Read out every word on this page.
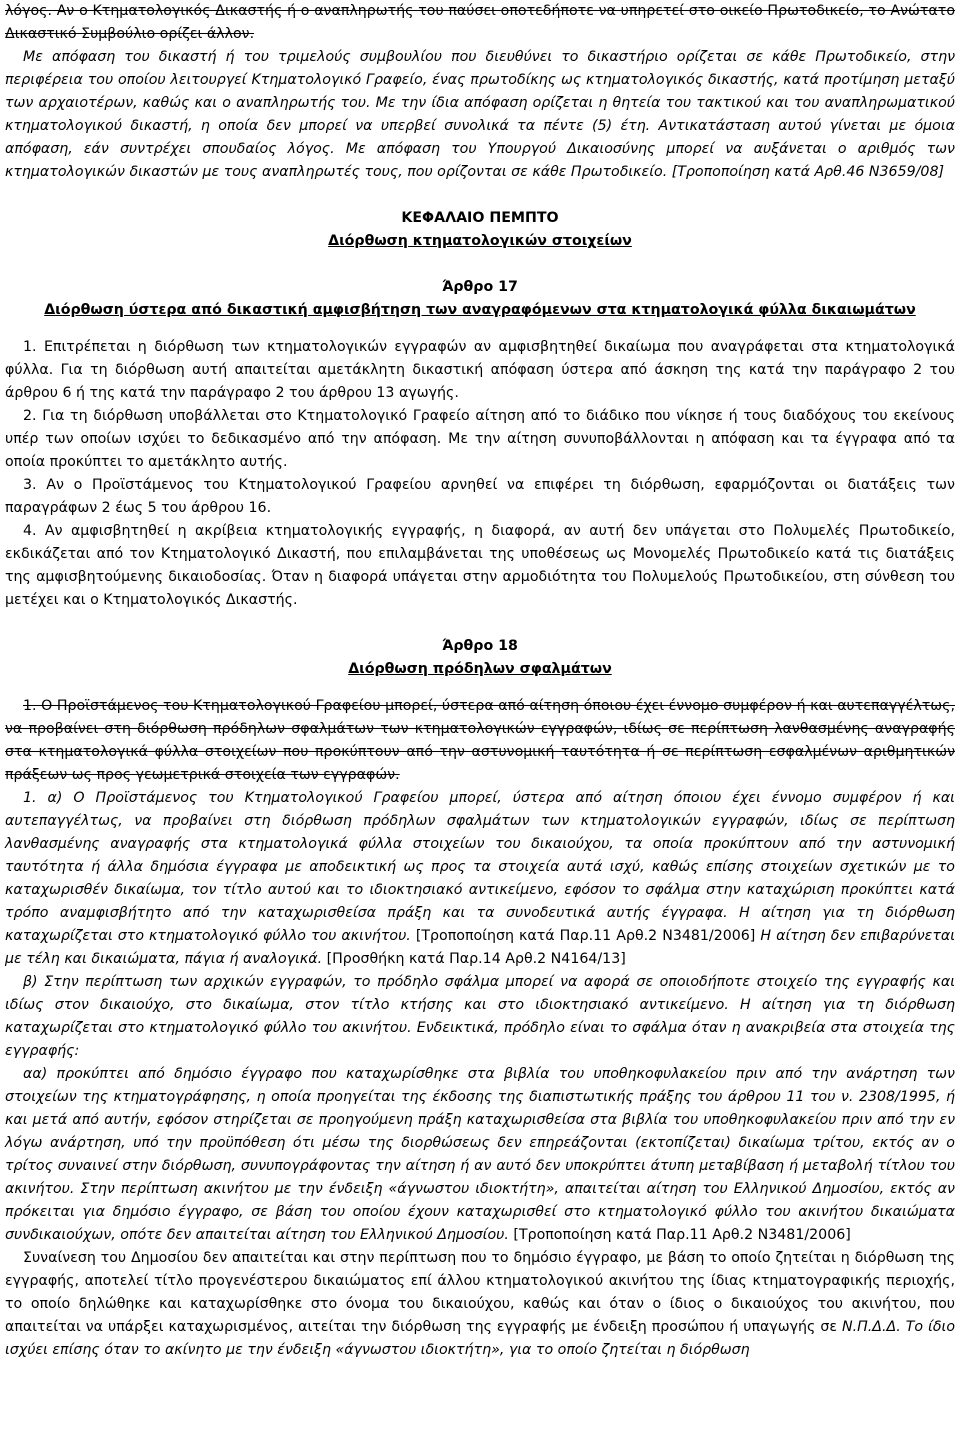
λόγος. Αν ο Κτηματολογικός Δικαστής ή ο αναπληρωτής του παύσει οποτεδήποτε να υπηρετεί στο οικείο Πρωτοδικείο, το Ανώτατο Δικαστικό Συμβούλιο ορίζει άλλον.

Με απόφαση του δικαστή ή του τριμελούς συμβουλίου που διευθύνει το δικαστήριο ορίζεται σε κάθε Πρωτοδικείο, στην περιφέρεια του οποίου λειτουργεί Κτηματολογικό Γραφείο, ένας πρωτοδίκης ως κτηματολογικός δικαστής, κατά προτίμηση μεταξύ των αρχαιοτέρων, καθώς και ο αναπληρωτής του. Με την ίδια απόφαση ορίζεται η θητεία του τακτικού και του αναπληρωματικού κτηματολογικού δικαστή, η οποία δεν μπορεί να υπερβεί συνολικά τα πέντε (5) έτη. Αντικατάσταση αυτού γίνεται με όμοια απόφαση, εάν συντρέχει σπουδαίος λόγος. Με απόφαση του Υπουργού Δικαιοσύνης μπορεί να αυξάνεται ο αριθμός των κτηματολογικών δικαστών με τους αναπληρωτές τους, που ορίζονται σε κάθε Πρωτοδικείο. [Τροποποίηση κατά Αρθ.46 Ν3659/08]

ΚΕΦΑΛΑΙΟ ΠΕΜΠΤΟ

Διόρθωση κτηματολογικών στοιχείων

Άρθρο 17

Διόρθωση ύστερα από δικαστική αμφισβήτηση των αναγραφόμενων στα κτηματολογικά φύλλα δικαιωμάτων

1. Επιτρέπεται η διόρθωση των κτηματολογικών εγγραφών αν αμφισβητηθεί δικαίωμα που αναγράφεται στα κτηματολογικά φύλλα. Για τη διόρθωση αυτή απαιτείται αμετάκλητη δικαστική απόφαση ύστερα από άσκηση της κατά την παράγραφο 2 του άρθρου 6 ή της κατά την παράγραφο 2 του άρθρου 13 αγωγής.

2. Για τη διόρθωση υποβάλλεται στο Κτηματολογικό Γραφείο αίτηση από το διάδικο που νίκησε ή τους διαδόχους του εκείνους υπέρ των οποίων ισχύει το δεδικασμένο από την απόφαση. Με την αίτηση συνυποβάλλονται η απόφαση και τα έγγραφα από τα οποία προκύπτει το αμετάκλητο αυτής.

3. Αν ο Προϊστάμενος του Κτηματολογικού Γραφείου αρνηθεί να επιφέρει τη διόρθωση, εφαρμόζονται οι διατάξεις των παραγράφων 2 έως 5 του άρθρου 16.

4. Αν αμφισβητηθεί η ακρίβεια κτηματολογικής εγγραφής, η διαφορά, αν αυτή δεν υπάγεται στο Πολυμελές Πρωτοδικείο, εκδικάζεται από τον Κτηματολογικό Δικαστή, που επιλαμβάνεται της υποθέσεως ως Μονομελές Πρωτοδικείο κατά τις διατάξεις της αμφισβητούμενης δικαιοδοσίας. Όταν η διαφορά υπάγεται στην αρμοδιότητα του Πολυμελούς Πρωτοδικείου, στη σύνθεση του μετέχει και ο Κτηματολογικός Δικαστής.

Άρθρο 18

Διόρθωση πρόδηλων σφαλμάτων

1. Ο Προϊστάμενος του Κτηματολογικού Γραφείου μπορεί, ύστερα από αίτηση όποιου έχει έννομο συμφέρον ή και αυτεπαγγέλτως, να προβαίνει στη διόρθωση πρόδηλων σφαλμάτων των κτηματολογικών εγγραφών, ιδίως σε περίπτωση λανθασμένης αναγραφής στα κτηματολογικά φύλλα στοιχείων που προκύπτουν από την αστυνομική ταυτότητα ή σε περίπτωση εσφαλμένων αριθμητικών πράξεων ως προς γεωμετρικά στοιχεία των εγγραφών.

1. α) Ο Προϊστάμενος του Κτηματολογικού Γραφείου μπορεί, ύστερα από αίτηση όποιου έχει έννομο συμφέρον ή και αυτεπαγγέλτως, να προβαίνει στη διόρθωση πρόδηλων σφαλμάτων των κτηματολογικών εγγραφών, ιδίως σε περίπτωση λανθασμένης αναγραφής στα κτηματολογικά φύλλα στοιχείων του δικαιούχου, τα οποία προκύπτουν από την αστυνομική ταυτότητα ή άλλα δημόσια έγγραφα με αποδεικτική ως προς τα στοιχεία αυτά ισχύ, καθώς επίσης στοιχείων σχετικών με το καταχωρισθέν δικαίωμα, τον τίτλο αυτού και το ιδιοκτησιακό αντικείμενο, εφόσον το σφάλμα στην καταχώριση προκύπτει κατά τρόπο αναμφισβήτητο από την καταχωρισθείσα πράξη και τα συνοδευτικά αυτής έγγραφα. Η αίτηση για τη διόρθωση καταχωρίζεται στο κτηματολογικό φύλλο του ακινήτου. [Τροποποίηση κατά Παρ.11 Αρθ.2 Ν3481/2006] Η αίτηση δεν επιβαρύνεται με τέλη και δικαιώματα, πάγια ή αναλογικά. [Προσθήκη κατά Παρ.14 Αρθ.2 Ν4164/13]

β) Στην περίπτωση των αρχικών εγγραφών, το πρόδηλο σφάλμα μπορεί να αφορά σε οποιοδήποτε στοιχείο της εγγραφής και ιδίως στον δικαιούχο, στο δικαίωμα, στον τίτλο κτήσης και στο ιδιοκτησιακό αντικείμενο. Η αίτηση για τη διόρθωση καταχωρίζεται στο κτηματολογικό φύλλο του ακινήτου. Ενδεικτικά, πρόδηλο είναι το σφάλμα όταν η ανακριβεία στα στοιχεία της εγγραφής:

αα) προκύπτει από δημόσιο έγγραφο που καταχωρίσθηκε στα βιβλία του υποθηκοφυλακείου πριν από την ανάρτηση των στοιχείων της κτηματογράφησης, η οποία προηγείται της έκδοσης της διαπιστωτικής πράξης του άρθρου 11 του ν. 2308/1995, ή και μετά από αυτήν, εφόσον στηρίζεται σε προηγούμενη πράξη καταχωρισθείσα στα βιβλία του υποθηκοφυλακείου πριν από την εν λόγω ανάρτηση, υπό την προϋπόθεση ότι μέσω της διορθώσεως δεν επηρεάζονται (εκτοπίζεται) δικαίωμα τρίτου, εκτός αν ο τρίτος συναινεί στην διόρθωση, συνυπογράφοντας την αίτηση ή αν αυτό δεν υποκρύπτει άτυπη μεταβίβαση ή μεταβολή τίτλου του ακινήτου. Στην περίπτωση ακινήτου με την ένδειξη «άγνωστου ιδιοκτήτη», απαιτείται αίτηση του Ελληνικού Δημοσίου, εκτός αν πρόκειται για δημόσιο έγγραφο, σε βάση του οποίου έχουν καταχωρισθεί στο κτηματολογικό φύλλο του ακινήτου δικαιώματα συνδικαιούχων, οπότε δεν απαιτείται αίτηση του Ελληνικού Δημοσίου. [Τροποποίηση κατά Παρ.11 Αρθ.2 Ν3481/2006]

Συναίνεση του Δημοσίου δεν απαιτείται και στην περίπτωση που το δημόσιο έγγραφο, με βάση το οποίο ζητείται η διόρθωση της εγγραφής, αποτελεί τίτλο προγενέστερου δικαιώματος επί άλλου κτηματολογικού ακινήτου της ίδιας κτηματογραφικής περιοχής, το οποίο δηλώθηκε και καταχωρίσθηκε στο όνομα του δικαιούχου, καθώς και όταν ο ίδιος ο δικαιούχος του ακινήτου, που απαιτείται να υπάρξει καταχωρισμένος, αιτείται την διόρθωση της εγγραφής με ένδειξη προσώπου ή υπαγωγής σε Ν.Π.Δ.Δ. Το ίδιο ισχύει επίσης όταν το ακίνητο με την ένδειξη «άγνωστου ιδιοκτήτη», για το οποίο ζητείται η διόρθωση
